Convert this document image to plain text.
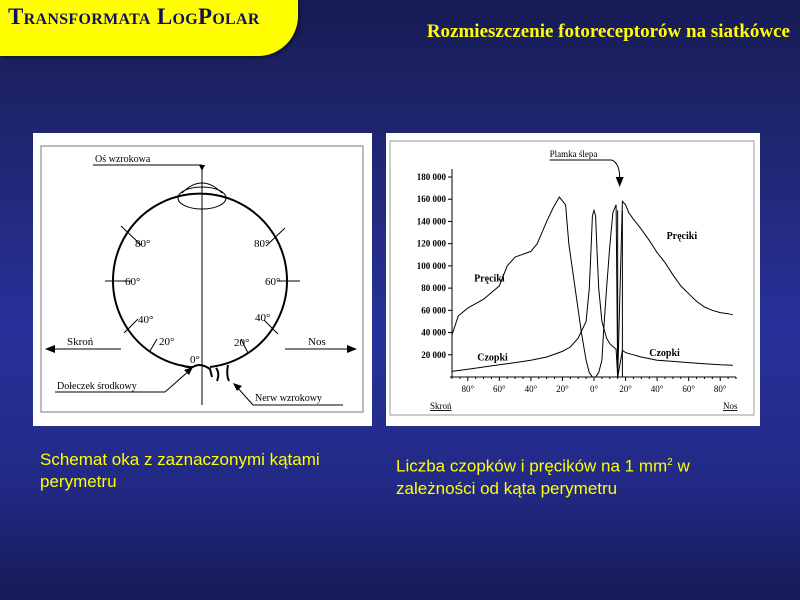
Transformata LogPolar
Rozmieszczenie fotoreceptorów na siatkówce
Oś wzrokowa
80°
60°
40°
20°
0°
20°
40°
60°
80°
Skroń	Nos
Dołeczek środkowy
Nerw wzrokowy
20 000
40 000
60 000
80 000
100 000
120 000
140 000
160 000
180 000
80° 60° 40° 20° 0° 20° 40° 60° 80°
Skroń	Nos
Plamka ślepa
Pręciki
Pręciki
Czopki	Czopki
Schemat oka z zaznaczonymi kątami perymetru
Liczba czopków i pręcików na 1 $mm^2$ w zależności od kąta perymetru
